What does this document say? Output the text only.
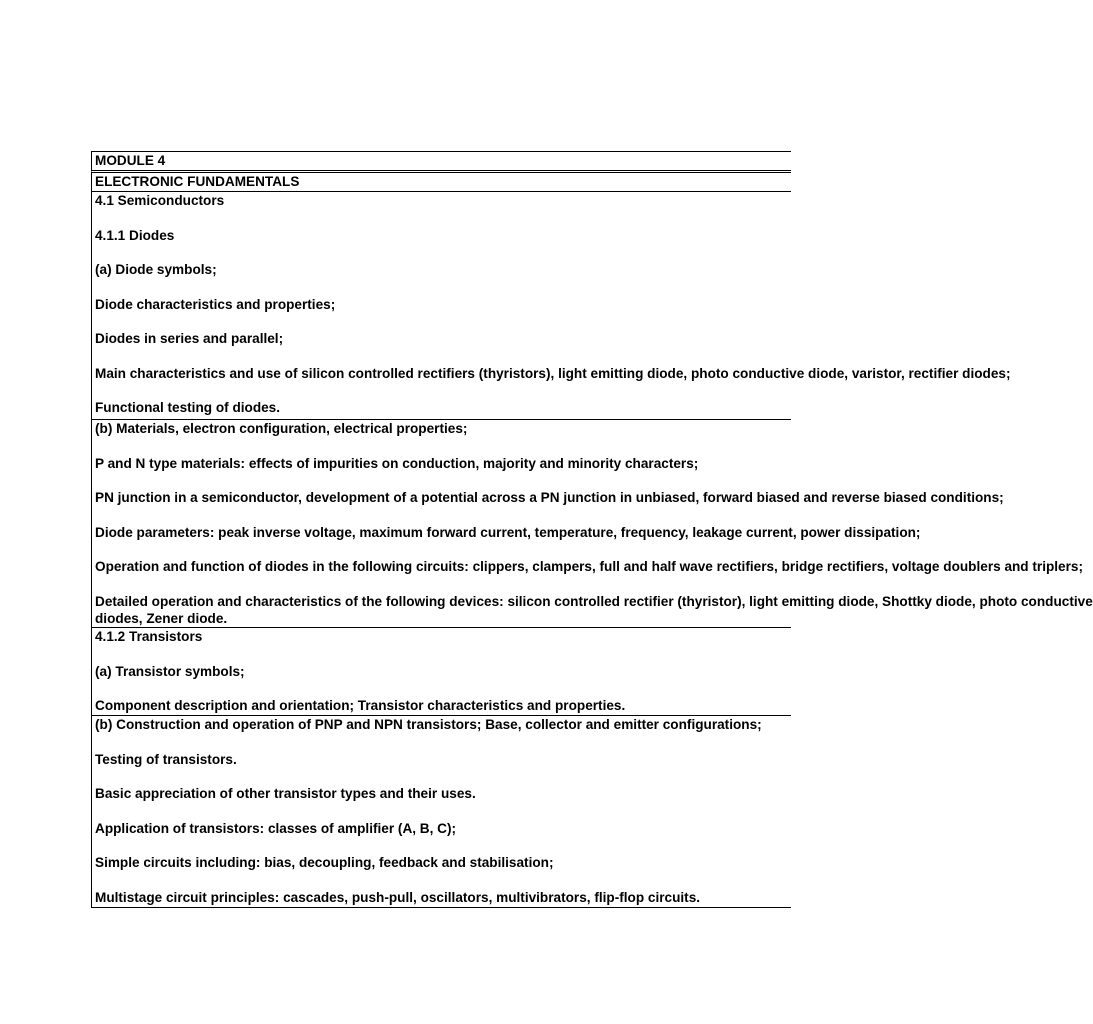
MODULE 4
ELECTRONIC FUNDAMENTALS
4.1 Semiconductors
4.1.1 Diodes
(a) Diode symbols;
Diode characteristics and properties;
Diodes in series and parallel;
Main characteristics and use of silicon controlled rectifiers (thyristors), light emitting diode, photo conductive diode, varistor, rectifier diodes;
Functional testing of diodes.
(b) Materials, electron configuration, electrical properties;
P and N type materials: effects of impurities on conduction, majority and minority characters;
PN junction in a semiconductor, development of a potential across a PN junction in unbiased, forward biased and reverse biased conditions;
Diode parameters: peak inverse voltage, maximum forward current, temperature, frequency, leakage current, power dissipation;
Operation and function of diodes in the following circuits: clippers, clampers, full and half wave rectifiers, bridge rectifiers, voltage doublers and triplers;
Detailed operation and characteristics of the following devices: silicon controlled rectifier (thyristor), light emitting diode, Shottky diode, photo conductive
diodes, Zener diode.
4.1.2 Transistors
(a) Transistor symbols;
Component description and orientation; Transistor characteristics and properties.
(b) Construction and operation of PNP and NPN transistors; Base, collector and emitter configurations;
Testing of transistors.
Basic appreciation of other transistor types and their uses.
Application of transistors: classes of amplifier (A, B, C);
Simple circuits including: bias, decoupling, feedback and stabilisation;
Multistage circuit principles: cascades, push-pull, oscillators, multivibrators, flip-flop circuits.
